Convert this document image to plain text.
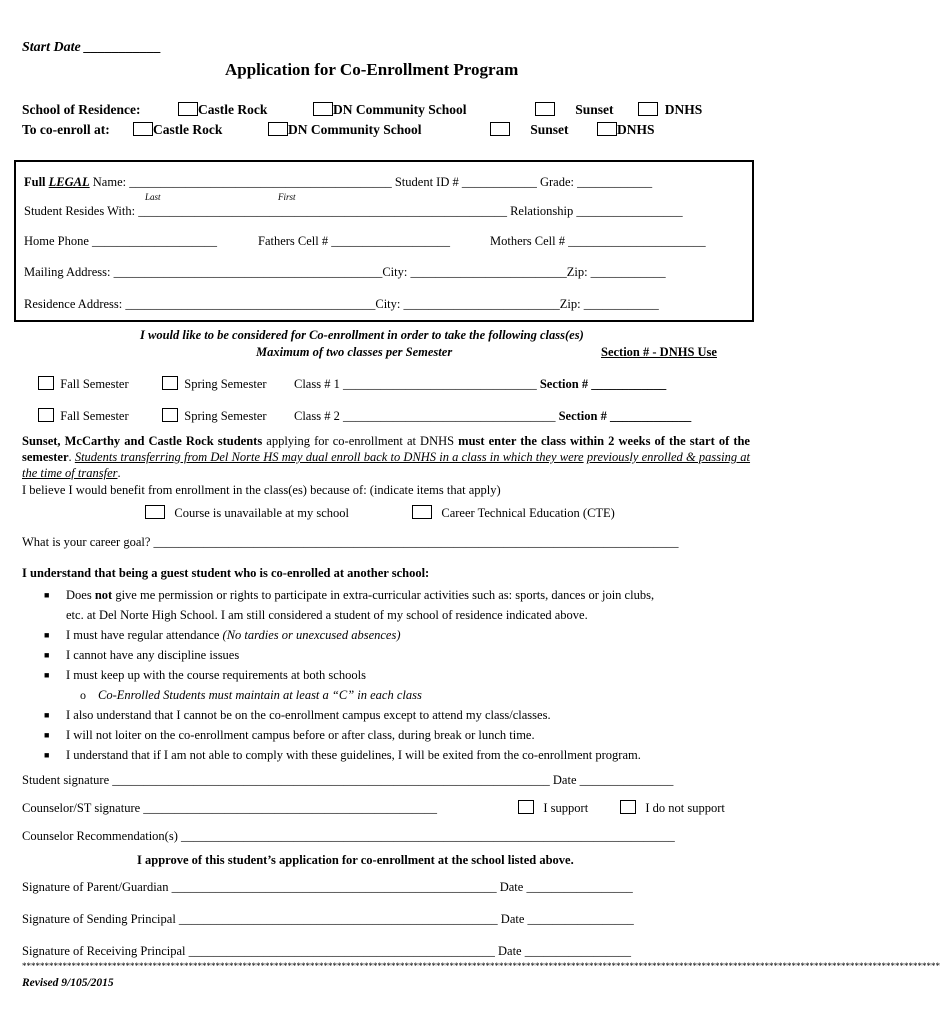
Start Date ___________
Application for Co-Enrollment Program
School of Residence:	Castle Rock	DN Community School	Sunset	DNHS
To co-enroll at:	Castle Rock	DN Community School	Sunset	DNHS
Full LEGAL Name: __________________________________________ Student ID # ____________ Grade: ____________
Last	First
Student Resides With: ___________________________________________________________ Relationship _________________
Home Phone ____________________	Fathers Cell # ___________________	Mothers Cell # ______________________
Mailing Address: ___________________________________________City: _________________________Zip: ____________
Residence Address: ________________________________________City: _________________________Zip: ____________
I would like to be considered for Co-enrollment in order to take the following class(es)
Maximum of two classes per Semester	Section # - DNHS Use
Fall Semester	Spring Semester Class # 1 _______________________________ Section # ____________
Fall Semester	Spring Semester Class # 2 __________________________________ Section # _____________
Sunset, McCarthy and Castle Rock students applying for co-enrollment at DNHS must enter the class within 2 weeks of the start of the semester. Students transferring from Del Norte HS may dual enroll back to DNHS in a class in which they were previously enrolled & passing at the time of transfer.
I believe I would benefit from enrollment in the class(es) because of: (indicate items that apply)
Course is unavailable at my school	Career Technical Education (CTE)
What is your career goal? ____________________________________________________________________________________
I understand that being a guest student who is co-enrolled at another school:
■ Does not give me permission or rights to participate in extra-curricular activities such as: sports, dances or join clubs,
etc. at Del Norte High School. I am still considered a student of my school of residence indicated above.
■ I must have regular attendance (No tardies or unexcused absences)
■ I cannot have any discipline issues
■ I must keep up with the course requirements at both schools
o Co-Enrolled Students must maintain at least a “C” in each class
■ I also understand that I cannot be on the co-enrollment campus except to attend my class/classes.
■ I will not loiter on the co-enrollment campus before or after class, during break or lunch time.
■ I understand that if I am not able to comply with these guidelines, I will be exited from the co-enrollment program.
Student signature ______________________________________________________________________ Date _______________
Counselor/ST signature _______________________________________________	I support	I do not support
Counselor Recommendation(s) _______________________________________________________________________________
I approve of this student’s application for co-enrollment at the school listed above.
Signature of Parent/Guardian ____________________________________________________ Date _________________
Signature of Sending Principal ___________________________________________________ Date _________________
Signature of Receiving Principal _________________________________________________ Date _________________
************************************************************************************************************************************************************************************************************
Revised 9/105/2015
